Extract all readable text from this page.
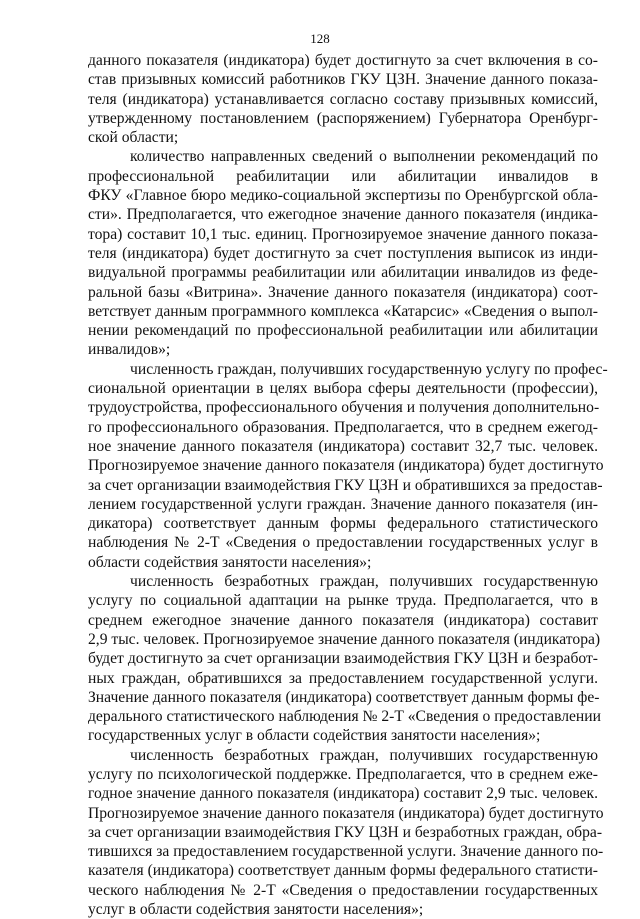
128
данного показателя (индикатора) будет достигнуто за счет включения в со-
став призывных комиссий работников ГКУ ЦЗН. Значение данного показа-
теля (индикатора) устанавливается согласно составу призывных комиссий,
утвержденному постановлением (распоряжением) Губернатора Оренбург-
ской области;
количество направленных сведений о выполнении рекомендаций по
профессиональной реабилитации или абилитации инвалидов в
ФКУ «Главное бюро медико-социальной экспертизы по Оренбургской обла-
сти». Предполагается, что ежегодное значение данного показателя (индика-
тора) составит 10,1 тыс. единиц. Прогнозируемое значение данного показа-
теля (индикатора) будет достигнуто за счет поступления выписок из инди-
видуальной программы реабилитации или абилитации инвалидов из феде-
ральной базы «Витрина». Значение данного показателя (индикатора) соот-
ветствует данным программного комплекса «Катарсис» «Сведения о выпол-
нении рекомендаций по профессиональной реабилитации или абилитации
инвалидов»;
численность граждан, получивших государственную услугу по профес-
сиональной ориентации в целях выбора сферы деятельности (профессии),
трудоустройства, профессионального обучения и получения дополнительно-
го профессионального образования. Предполагается, что в среднем ежегод-
ное значение данного показателя (индикатора) составит 32,7 тыс. человек.
Прогнозируемое значение данного показателя (индикатора) будет достигнуто
за счет организации взаимодействия ГКУ ЦЗН и обратившихся за предостав-
лением государственной услуги граждан. Значение данного показателя (ин-
дикатора) соответствует данным формы федерального статистического
наблюдения № 2-Т «Сведения о предоставлении государственных услуг в
области содействия занятости населения»;
численность безработных граждан, получивших государственную
услугу по социальной адаптации на рынке труда. Предполагается, что в
среднем ежегодное значение данного показателя (индикатора) составит
2,9 тыс. человек. Прогнозируемое значение данного показателя (индикатора)
будет достигнуто за счет организации взаимодействия ГКУ ЦЗН и безработ-
ных граждан, обратившихся за предоставлением государственной услуги.
Значение данного показателя (индикатора) соответствует данным формы фе-
дерального статистического наблюдения № 2-Т «Сведения о предоставлении
государственных услуг в области содействия занятости населения»;
численность безработных граждан, получивших государственную
услугу по психологической поддержке. Предполагается, что в среднем еже-
годное значение данного показателя (индикатора) составит 2,9 тыс. человек.
Прогнозируемое значение данного показателя (индикатора) будет достигнуто
за счет организации взаимодействия ГКУ ЦЗН и безработных граждан, обра-
тившихся за предоставлением государственной услуги. Значение данного по-
казателя (индикатора) соответствует данным формы федерального статисти-
ческого наблюдения № 2-Т «Сведения о предоставлении государственных
услуг в области содействия занятости населения»;
